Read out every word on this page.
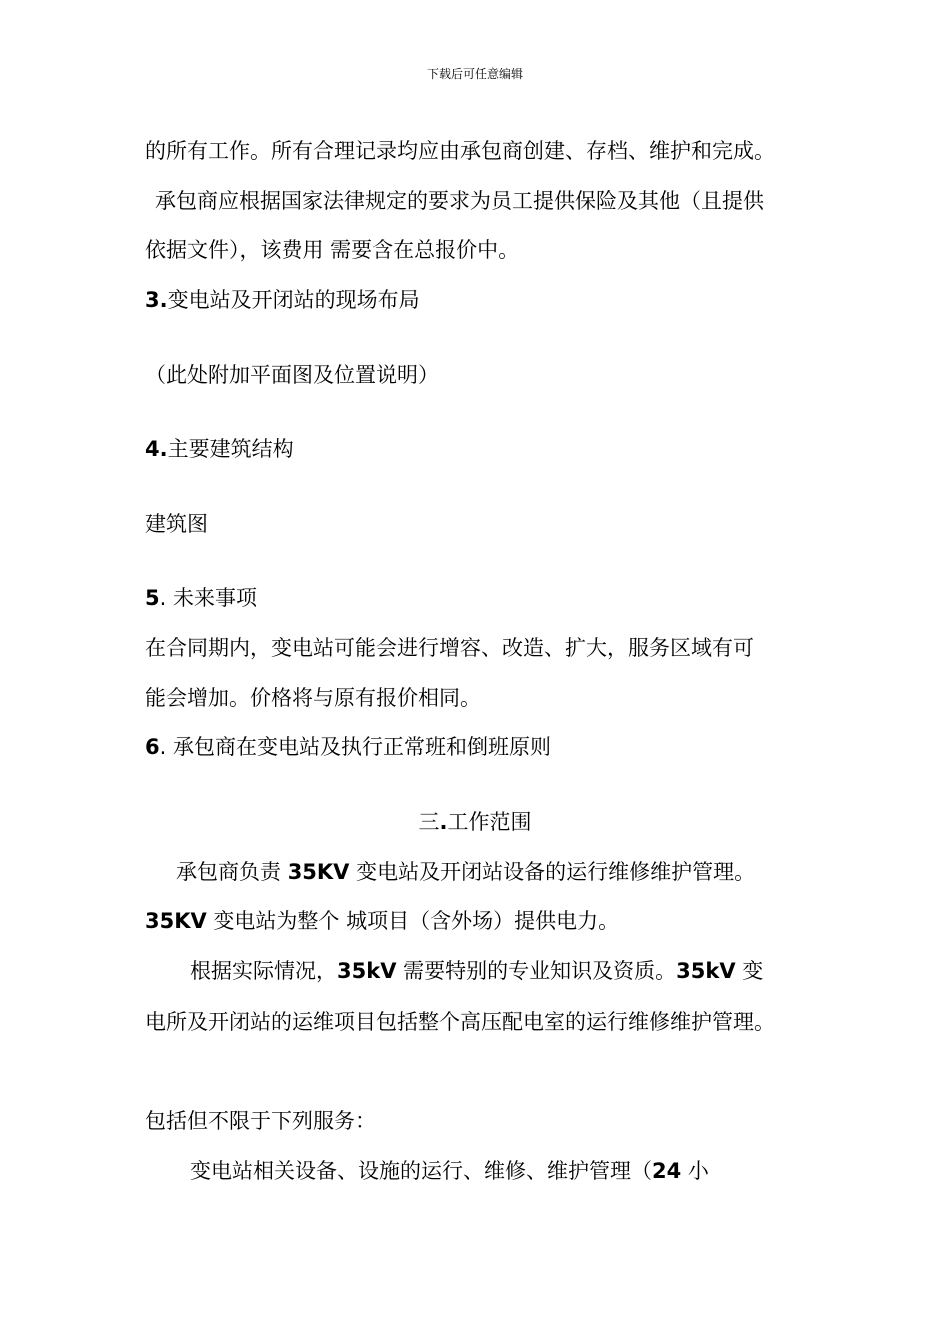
下载后可任意编辑
的所有工作。所有合理记录均应由承包商创建、存档、维护和完成。
承包商应根据国家法律规定的要求为员工提供保险及其他（且提供
依据文件），该费用 需要含在总报价中。
3.变电站及开闭站的现场布局
（此处附加平面图及位置说明）
4.主要建筑结构
建筑图
5. 未来事项
在合同期内，变电站可能会进行增容、改造、扩大，服务区域有可
能会增加。价格将与原有报价相同。
6. 承包商在变电站及执行正常班和倒班原则
三.工作范围
承包商负责 35KV 变电站及开闭站设备的运行维修维护管理。
35KV 变电站为整个 城项目（含外场）提供电力。
根据实际情况，35kV 需要特别的专业知识及资质。35kV 变
电所及开闭站的运维项目包括整个高压配电室的运行维修维护管理。
包括但不限于下列服务：
变电站相关设备、设施的运行、维修、维护管理（24 小
